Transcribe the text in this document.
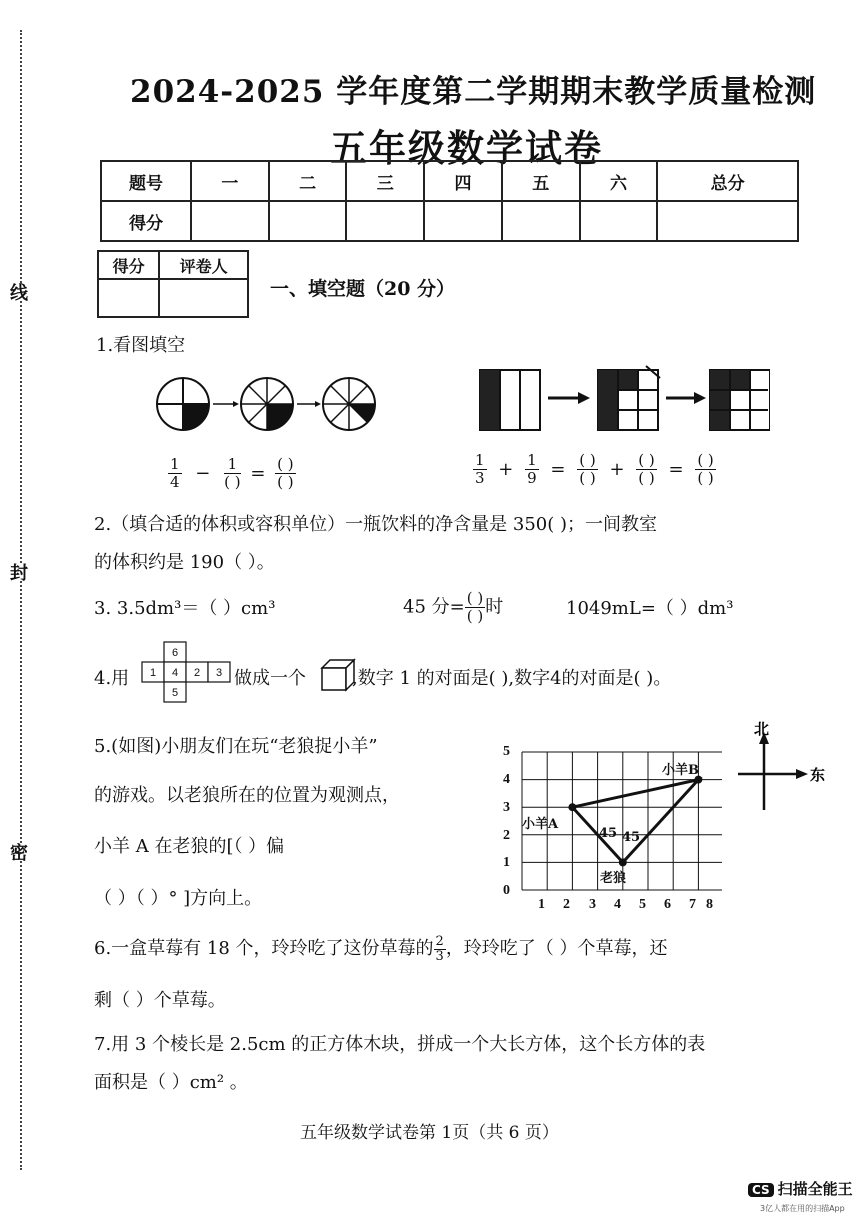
线
封
密
2024-2025 学年度第二学期期末教学质量检测
五年级数学试卷
题号	一	二	三	四	五	六	总分
得分							
得分	评卷人

一、填空题（20 分）
1.看图填空
$\frac{1}{4} - \frac{1}{( )} = \frac{( )}{( )}$	$\frac{1}{3} + \frac{1}{9} = \frac{( )}{( )} + \frac{( )}{( )} = \frac{( )}{( )}$
2.（填合适的体积或容积单位）一瓶饮料的净含量是 350( )；一间教室
的体积约是 190（ ）。
3. 3.5dm³＝（ ）cm³	45 分= $\frac{( )}{( )}$ 时	1049mL=（ ）dm³
4.用
6
1 4 2 3
5
做成一个	,数字 1 的对面是( ),数字4的对面是( )。
5.(如图)小朋友们在玩“老狼捉小羊”
的游戏。以老狼所在的位置为观测点，
小羊 A 在老狼的[（ ）偏
（ ）（ ）° ]方向上。
5
4
3
2
1
0
1 2 3 4 5 6 7 8
小羊A
小羊B
老狼
45 45
北
东
6.一盒草莓有 18 个，玲玲吃了这份草莓的 $\frac{2}{3}$ ，玲玲吃了（ ）个草莓，还
剩（ ）个草莓。
7.用 3 个棱长是 2.5cm 的正方体木块，拼成一个大长方体，这个长方体的表
面积是（ ）cm² 。
五年级数学试卷第 1页（共 6 页）
CS 扫描全能王
3亿人都在用的扫描App
